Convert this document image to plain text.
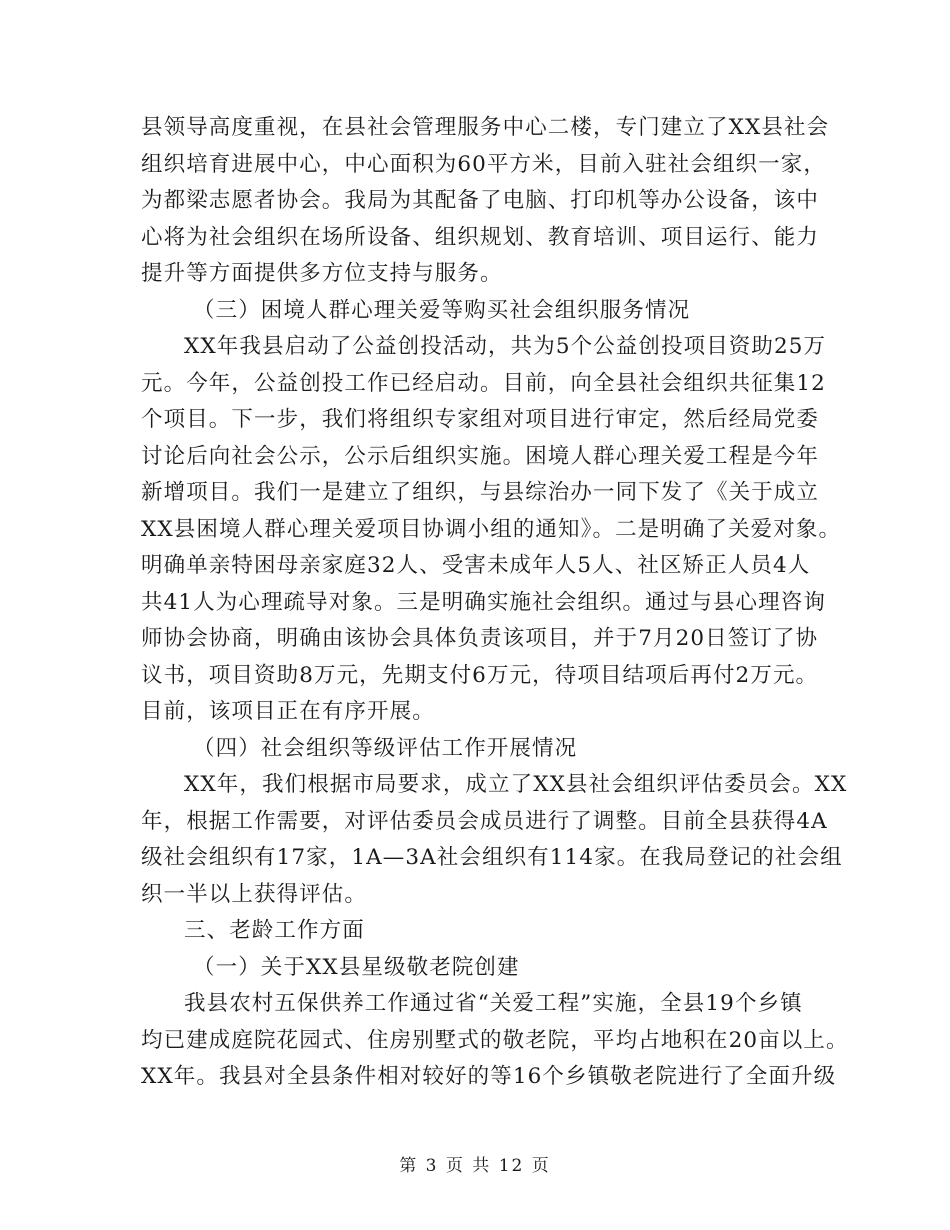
县领导高度重视，在县社会管理服务中心二楼，专门建立了XX县社会
组织培育进展中心，中心面积为60平方米，目前入驻社会组织一家，
为都梁志愿者协会。我局为其配备了电脑、打印机等办公设备，该中
心将为社会组织在场所设备、组织规划、教育培训、项目运行、能力
提升等方面提供多方位支持与服务。
（三）困境人群心理关爱等购买社会组织服务情况
XX年我县启动了公益创投活动，共为5个公益创投项目资助25万
元。今年，公益创投工作已经启动。目前，向全县社会组织共征集12
个项目。下一步，我们将组织专家组对项目进行审定，然后经局党委
讨论后向社会公示，公示后组织实施。困境人群心理关爱工程是今年
新增项目。我们一是建立了组织，与县综治办一同下发了《关于成立
XX县困境人群心理关爱项目协调小组的通知》。二是明确了关爱对象。
明确单亲特困母亲家庭32人、受害未成年人5人、社区矫正人员4人
共41人为心理疏导对象。三是明确实施社会组织。通过与县心理咨询
师协会协商，明确由该协会具体负责该项目，并于7月20日签订了协
议书，项目资助8万元，先期支付6万元，待项目结项后再付2万元。
目前，该项目正在有序开展。
（四）社会组织等级评估工作开展情况
XX年，我们根据市局要求，成立了XX县社会组织评估委员会。XX
年，根据工作需要，对评估委员会成员进行了调整。目前全县获得4A
级社会组织有17家，1A—3A社会组织有114家。在我局登记的社会组
织一半以上获得评估。
三、老龄工作方面
（一）关于XX县星级敬老院创建
我县农村五保供养工作通过省“关爱工程”实施，全县19个乡镇
均已建成庭院花园式、住房别墅式的敬老院，平均占地积在20亩以上。
XX年。我县对全县条件相对较好的等16个乡镇敬老院进行了全面升级
第 3 页 共 12 页
